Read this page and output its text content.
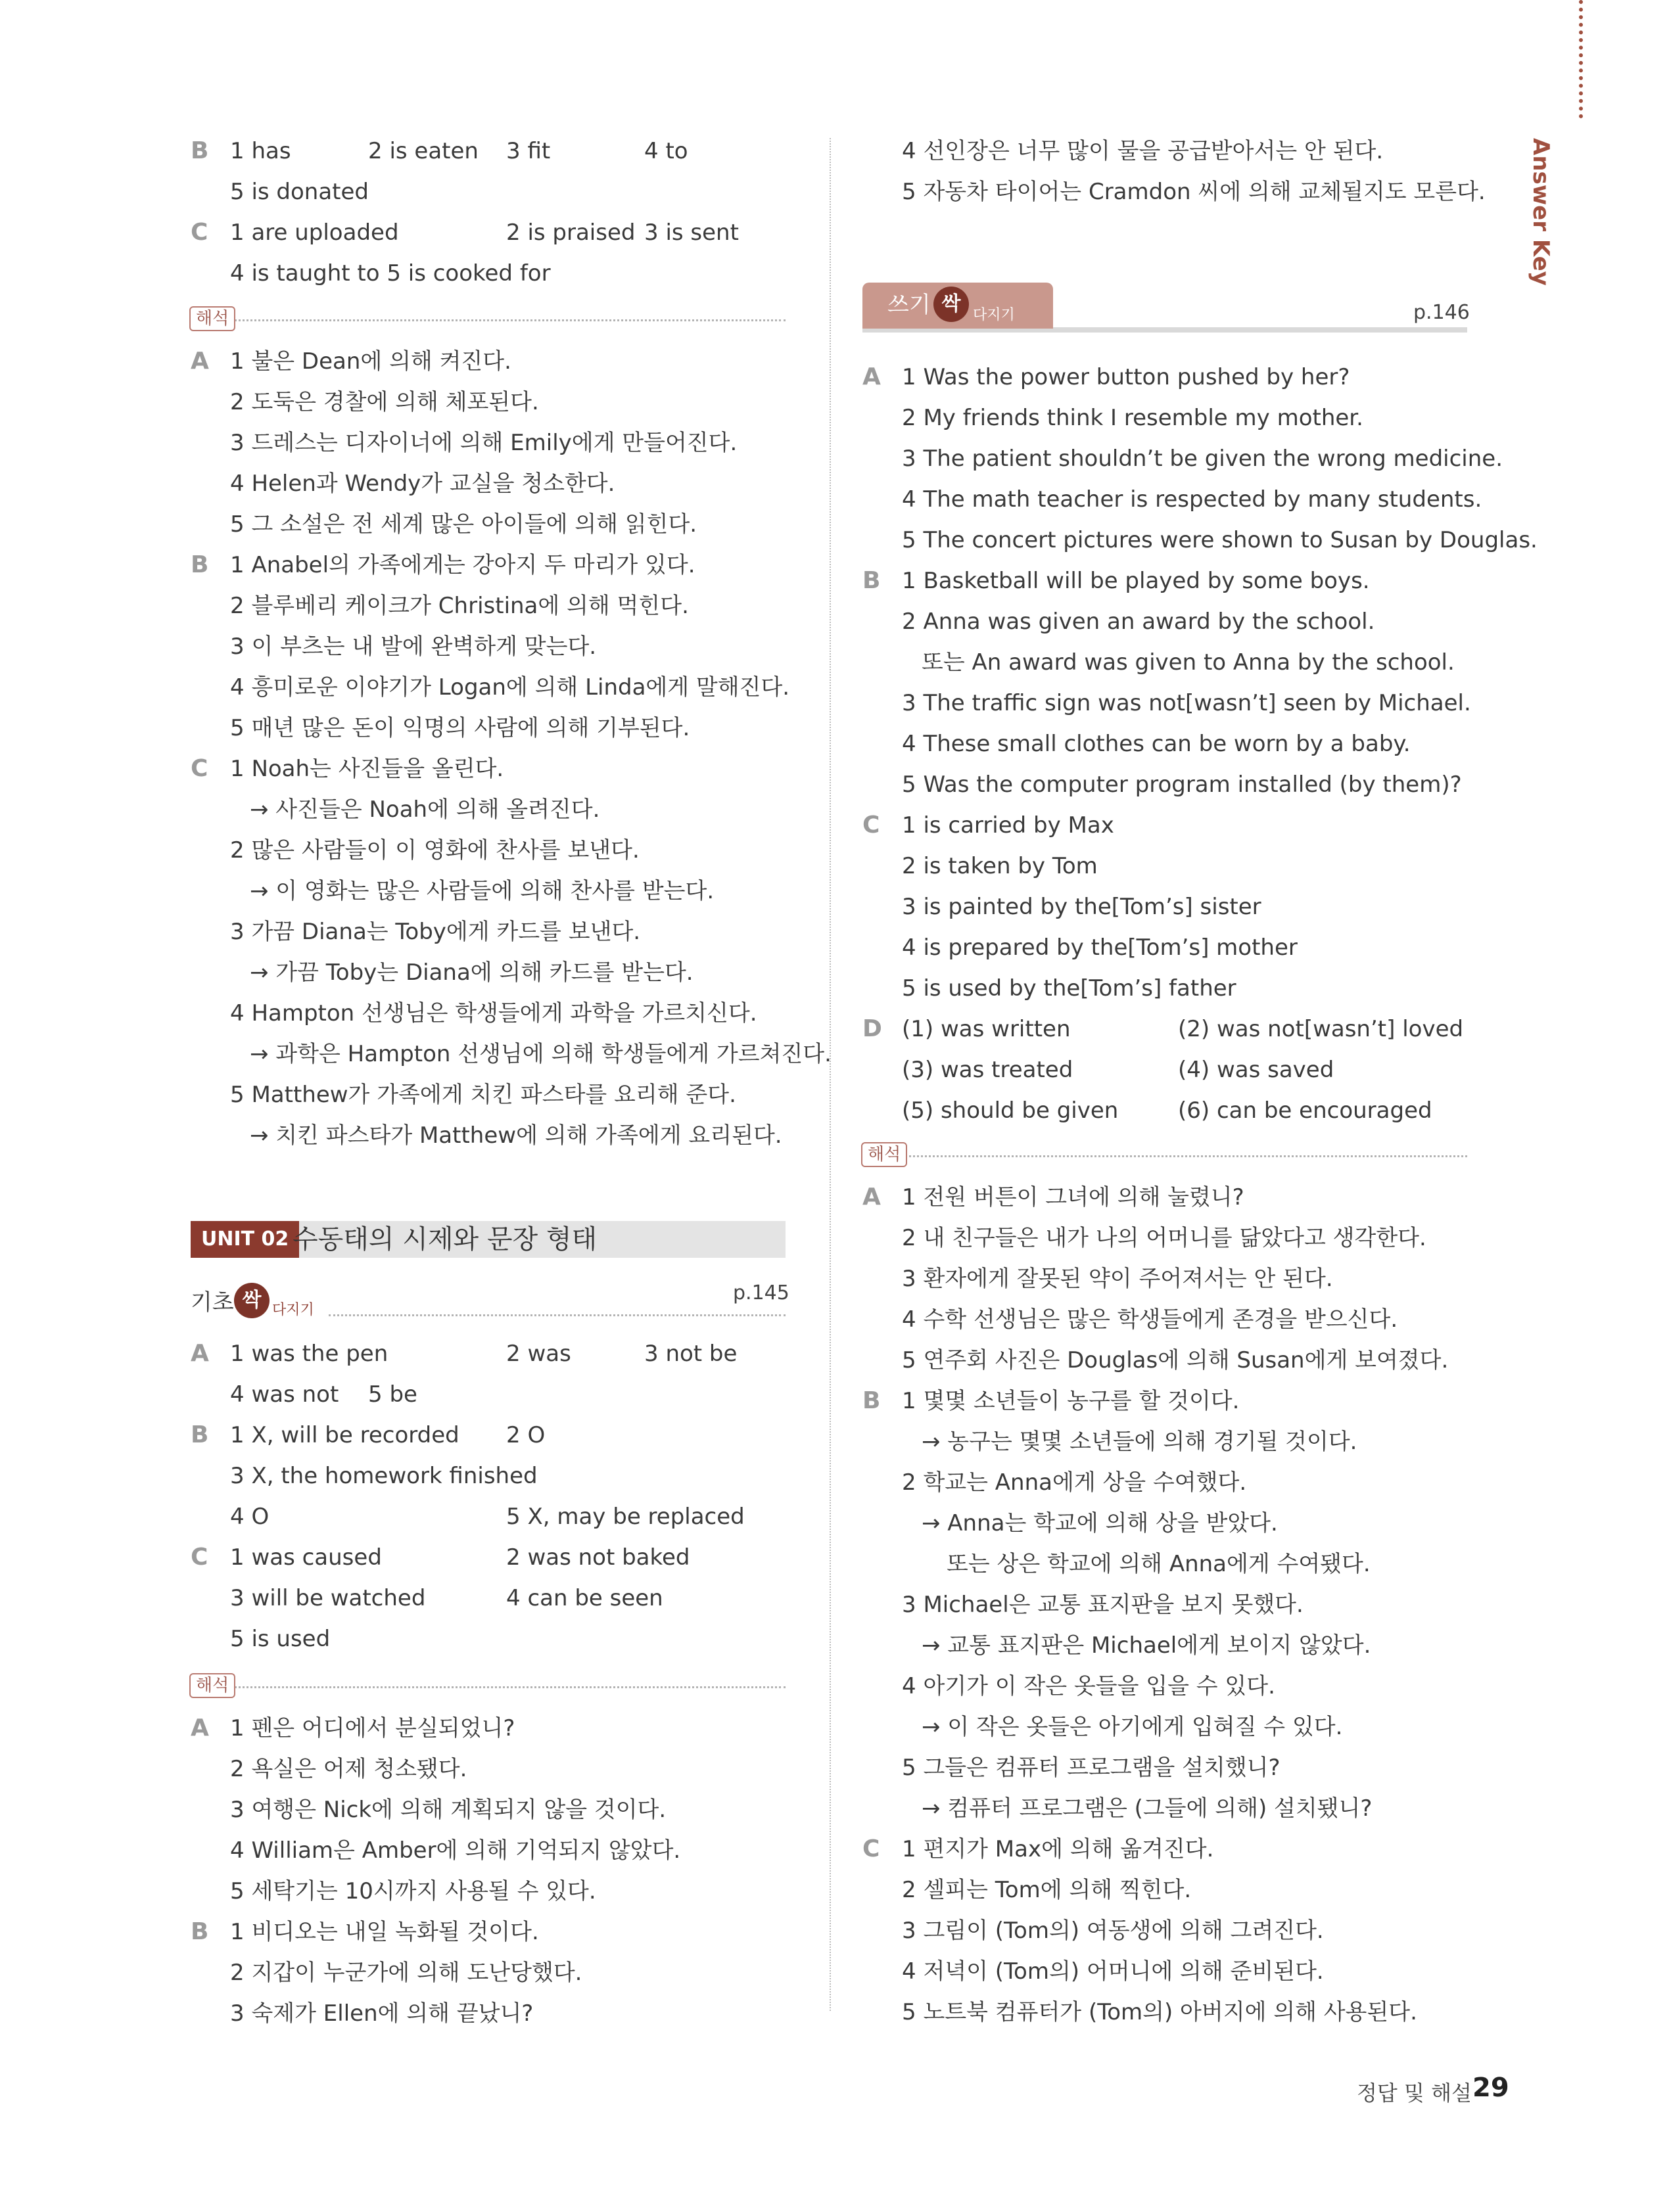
Answer Key
B 1 has	2 is eaten 3 fit	4 to
5 is donated
C 1 are uploaded	2 is praised 3 is sent
4 is taught to 5 is cooked for
해석
A 1 불은 Dean에 의해 켜진다.
2 도둑은 경찰에 의해 체포된다.
3 드레스는 디자이너에 의해 Emily에게 만들어진다.
4 Helen과 Wendy가 교실을 청소한다.
5 그 소설은 전 세계 많은 아이들에 의해 읽힌다.
B 1 Anabel의 가족에게는 강아지 두 마리가 있다.
2 블루베리 케이크가 Christina에 의해 먹힌다.
3 이 부츠는 내 발에 완벽하게 맞는다.
4 흥미로운 이야기가 Logan에 의해 Linda에게 말해진다.
5 매년 많은 돈이 익명의 사람에 의해 기부된다.
C 1 Noah는 사진들을 올린다.
→ 사진들은 Noah에 의해 올려진다.
2 많은 사람들이 이 영화에 찬사를 보낸다.
→ 이 영화는 많은 사람들에 의해 찬사를 받는다.
3 가끔 Diana는 Toby에게 카드를 보낸다.
→ 가끔 Toby는 Diana에 의해 카드를 받는다.
4 Hampton 선생님은 학생들에게 과학을 가르치신다.
→ 과학은 Hampton 선생님에 의해 학생들에게 가르쳐진다.
5 Matthew가 가족에게 치킨 파스타를 요리해 준다.
→ 치킨 파스타가 Matthew에 의해 가족에게 요리된다.
UNIT 02 수동태의 시제와 문장 형태
기초 싹 다지기
p.145
A 1 was the pen	2 was	3 not be
4 was not 5 be
B 1 X, will be recorded 2 O
3 X, the homework finished
4 O	5 X, may be replaced
C 1 was caused	2 was not baked
3 will be watched	4 can be seen
5 is used
해석
A 1 펜은 어디에서 분실되었니?
2 욕실은 어제 청소됐다.
3 여행은 Nick에 의해 계획되지 않을 것이다.
4 William은 Amber에 의해 기억되지 않았다.
5 세탁기는 10시까지 사용될 수 있다.
B 1 비디오는 내일 녹화될 것이다.
2 지갑이 누군가에 의해 도난당했다.
3 숙제가 Ellen에 의해 끝났니?
4 선인장은 너무 많이 물을 공급받아서는 안 된다.
5 자동차 타이어는 Cramdon 씨에 의해 교체될지도 모른다.
쓰기 싹 다지기	p.146
A 1 Was the power button pushed by her?
2 My friends think I resemble my mother.
3 The patient shouldn’t be given the wrong medicine.
4 The math teacher is respected by many students.
5 The concert pictures were shown to Susan by Douglas.
B 1 Basketball will be played by some boys.
2 Anna was given an award by the school.
또는 An award was given to Anna by the school.
3 The traffic sign was not[wasn’t] seen by Michael.
4 These small clothes can be worn by a baby.
5 Was the computer program installed (by them)?
C 1 is carried by Max
2 is taken by Tom
3 is painted by the[Tom’s] sister
4 is prepared by the[Tom’s] mother
5 is used by the[Tom’s] father
D (1) was written	(2) was not[wasn’t] loved
(3) was treated	(4) was saved
(5) should be given	(6) can be encouraged
해석
A 1 전원 버튼이 그녀에 의해 눌렸니?
2 내 친구들은 내가 나의 어머니를 닮았다고 생각한다.
3 환자에게 잘못된 약이 주어져서는 안 된다.
4 수학 선생님은 많은 학생들에게 존경을 받으신다.
5 연주회 사진은 Douglas에 의해 Susan에게 보여졌다.
B 1 몇몇 소년들이 농구를 할 것이다.
→ 농구는 몇몇 소년들에 의해 경기될 것이다.
2 학교는 Anna에게 상을 수여했다.
→ Anna는 학교에 의해 상을 받았다.
또는 상은 학교에 의해 Anna에게 수여됐다.
3 Michael은 교통 표지판을 보지 못했다.
→ 교통 표지판은 Michael에게 보이지 않았다.
4 아기가 이 작은 옷들을 입을 수 있다.
→ 이 작은 옷들은 아기에게 입혀질 수 있다.
5 그들은 컴퓨터 프로그램을 설치했니?
→ 컴퓨터 프로그램은 (그들에 의해) 설치됐니?
C 1 편지가 Max에 의해 옮겨진다.
2 셀피는 Tom에 의해 찍힌다.
3 그림이 (Tom의) 여동생에 의해 그려진다.
4 저녁이 (Tom의) 어머니에 의해 준비된다.
5 노트북 컴퓨터가 (Tom의) 아버지에 의해 사용된다.
정답 및 해설 29
